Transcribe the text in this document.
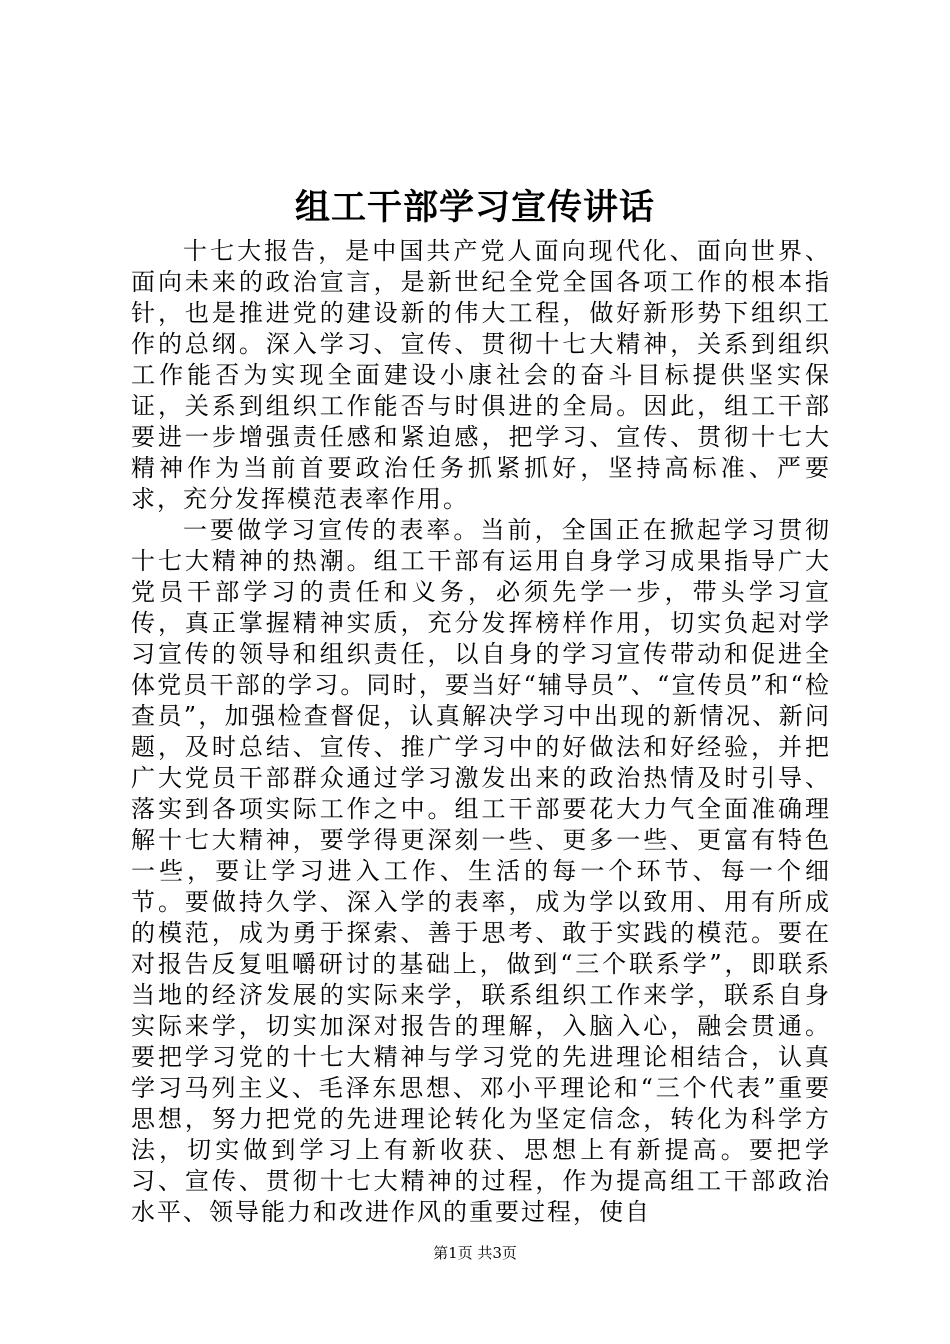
组工干部学习宣传讲话

十七大报告，是中国共产党人面向现代化、面向世界、面向未来的政治宣言，是新世纪全党全国各项工作的根本指针，也是推进党的建设新的伟大工程，做好新形势下组织工作的总纲。深入学习、宣传、贯彻十七大精神，关系到组织工作能否为实现全面建设小康社会的奋斗目标提供坚实保证，关系到组织工作能否与时俱进的全局。因此，组工干部要进一步增强责任感和紧迫感，把学习、宣传、贯彻十七大精神作为当前首要政治任务抓紧抓好，坚持高标准、严要求，充分发挥模范表率作用。

一要做学习宣传的表率。当前，全国正在掀起学习贯彻十七大精神的热潮。组工干部有运用自身学习成果指导广大党员干部学习的责任和义务，必须先学一步，带头学习宣传，真正掌握精神实质，充分发挥榜样作用，切实负起对学习宣传的领导和组织责任，以自身的学习宣传带动和促进全体党员干部的学习。同时，要当好“辅导员”、“宣传员”和“检查员”，加强检查督促，认真解决学习中出现的新情况、新问题，及时总结、宣传、推广学习中的好做法和好经验，并把广大党员干部群众通过学习激发出来的政治热情及时引导、落实到各项实际工作之中。组工干部要花大力气全面准确理解十七大精神，要学得更深刻一些、更多一些、更富有特色一些，要让学习进入工作、生活的每一个环节、每一个细节。要做持久学、深入学的表率，成为学以致用、用有所成的模范，成为勇于探索、善于思考、敢于实践的模范。要在对报告反复咀嚼研讨的基础上，做到“三个联系学”，即联系当地的经济发展的实际来学，联系组织工作来学，联系自身实际来学，切实加深对报告的理解，入脑入心，融会贯通。要把学习党的十七大精神与学习党的先进理论相结合，认真学习马列主义、毛泽东思想、邓小平理论和“三个代表”重要思想，努力把党的先进理论转化为坚定信念，转化为科学方法，切实做到学习上有新收获、思想上有新提高。要把学习、宣传、贯彻十七大精神的过程，作为提高组工干部政治水平、领导能力和改进作风的重要过程，使自

第1页 共3页
